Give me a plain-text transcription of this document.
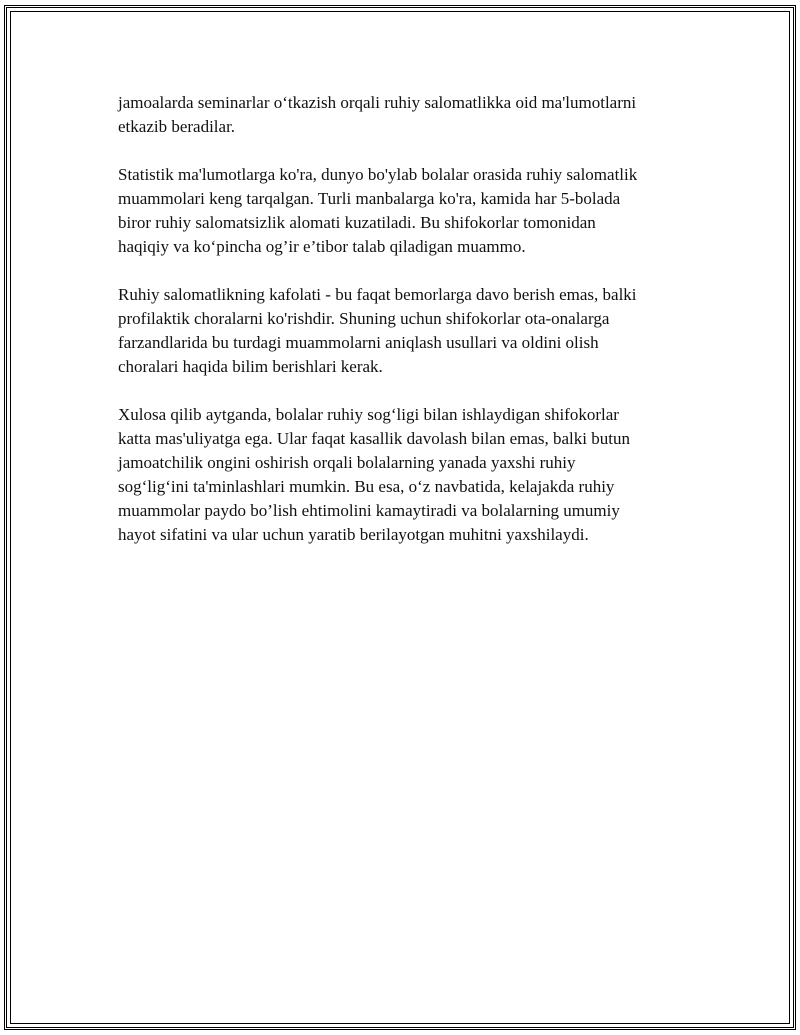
jamoalarda seminarlar o‘tkazish orqali ruhiy salomatlikka oid ma'lumotlarni
etkazib beradilar.

Statistik ma'lumotlarga ko'ra, dunyo bo'ylab bolalar orasida ruhiy salomatlik
muammolari keng tarqalgan. Turli manbalarga ko'ra, kamida har 5-bolada
biror ruhiy salomatsizlik alomati kuzatiladi. Bu shifokorlar tomonidan
haqiqiy va ko‘pincha og’ir e’tibor talab qiladigan muammo.

Ruhiy salomatlikning kafolati - bu faqat bemorlarga davo berish emas, balki
profilaktik choralarni ko'rishdir. Shuning uchun shifokorlar ota-onalarga
farzandlarida bu turdagi muammolarni aniqlash usullari va oldini olish
choralari haqida bilim berishlari kerak.

Xulosa qilib aytganda, bolalar ruhiy sog‘ligi bilan ishlaydigan shifokorlar
katta mas'uliyatga ega. Ular faqat kasallik davolash bilan emas, balki butun
jamoatchilik ongini oshirish orqali bolalarning yanada yaxshi ruhiy
sog‘lig‘ini ta'minlashlari mumkin. Bu esa, o‘z navbatida, kelajakda ruhiy
muammolar paydo bo’lish ehtimolini kamaytiradi va bolalarning umumiy
hayot sifatini va ular uchun yaratib berilayotgan muhitni yaxshilaydi.
